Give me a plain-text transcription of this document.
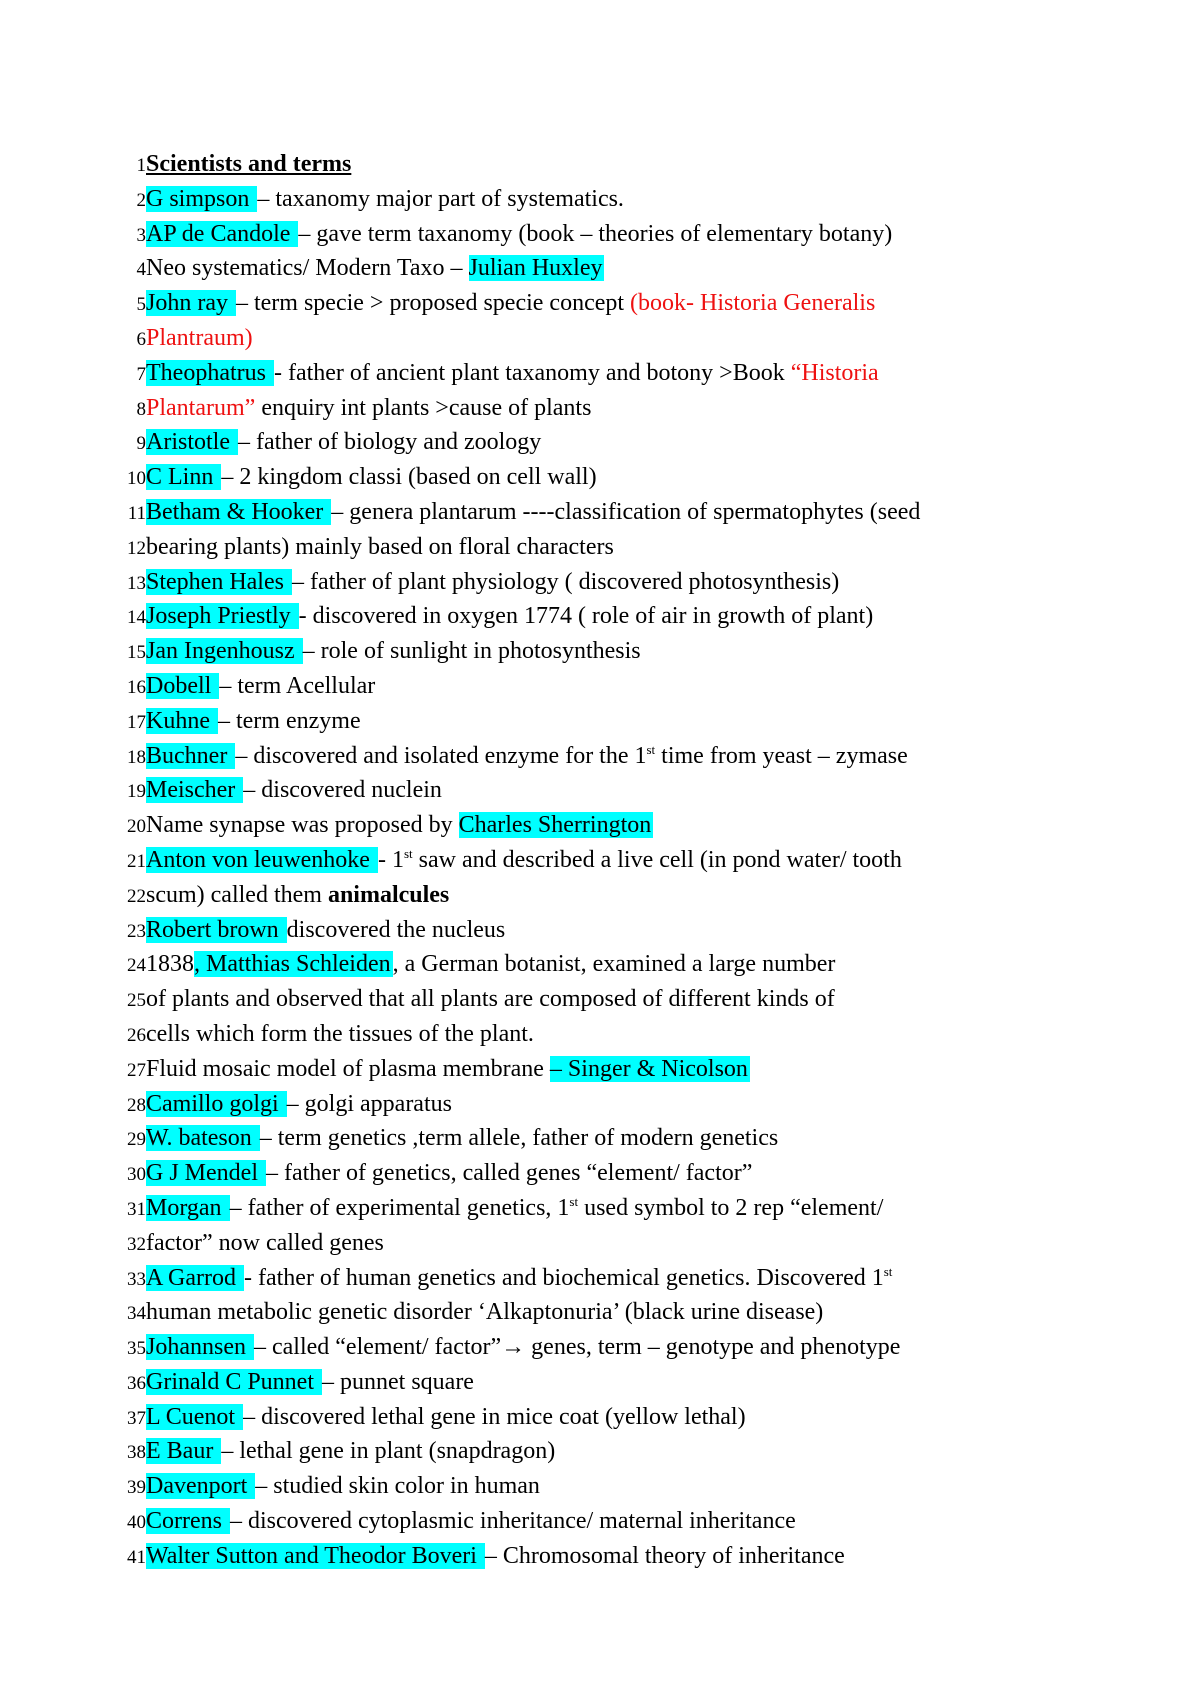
1 Scientists and terms
2 G simpson – taxanomy major part of systematics.
3 AP de Candole – gave term taxanomy (book – theories of elementary botany)
4 Neo systematics/ Modern Taxo – Julian Huxley
5 John ray – term specie > proposed specie concept (book- Historia Generalis
6 Plantraum)
7 Theophatrus - father of ancient plant taxanomy and botony >Book “Historia
8 Plantarum” enquiry int plants >cause of plants
9 Aristotle – father of biology and zoology
10 C Linn – 2 kingdom classi (based on cell wall)
11 Betham & Hooker – genera plantarum ----classification of spermatophytes (seed
12 bearing plants) mainly based on floral characters
13 Stephen Hales – father of plant physiology ( discovered photosynthesis)
14 Joseph Priestly - discovered in oxygen 1774 ( role of air in growth of plant)
15 Jan Ingenhousz – role of sunlight in photosynthesis
16 Dobell – term Acellular
17 Kuhne – term enzyme
18 Buchner – discovered and isolated enzyme for the 1st time from yeast – zymase
19 Meischer – discovered nuclein
20 Name synapse was proposed by Charles Sherrington
21 Anton von leuwenhoke - 1st saw and described a live cell (in pond water/ tooth
22 scum) called them animalcules
23 Robert brown discovered the nucleus
24 1838, Matthias Schleiden, a German botanist, examined a large number
25 of plants and observed that all plants are composed of different kinds of
26 cells which form the tissues of the plant.
27 Fluid mosaic model of plasma membrane – Singer & Nicolson
28 Camillo golgi – golgi apparatus
29 W. bateson – term genetics ,term allele, father of modern genetics
30 G J Mendel – father of genetics, called genes “element/ factor”
31 Morgan – father of experimental genetics, 1st used symbol to 2 rep “element/
32 factor” now called genes
33 A Garrod - father of human genetics and biochemical genetics. Discovered 1st
34 human metabolic genetic disorder ‘Alkaptonuria’ (black urine disease)
35 Johannsen – called “element/ factor”→ genes, term – genotype and phenotype
36 Grinald C Punnet – punnet square
37 L Cuenot – discovered lethal gene in mice coat (yellow lethal)
38 E Baur – lethal gene in plant (snapdragon)
39 Davenport – studied skin color in human
40 Correns – discovered cytoplasmic inheritance/ maternal inheritance
41 Walter Sutton and Theodor Boveri – Chromosomal theory of inheritance
